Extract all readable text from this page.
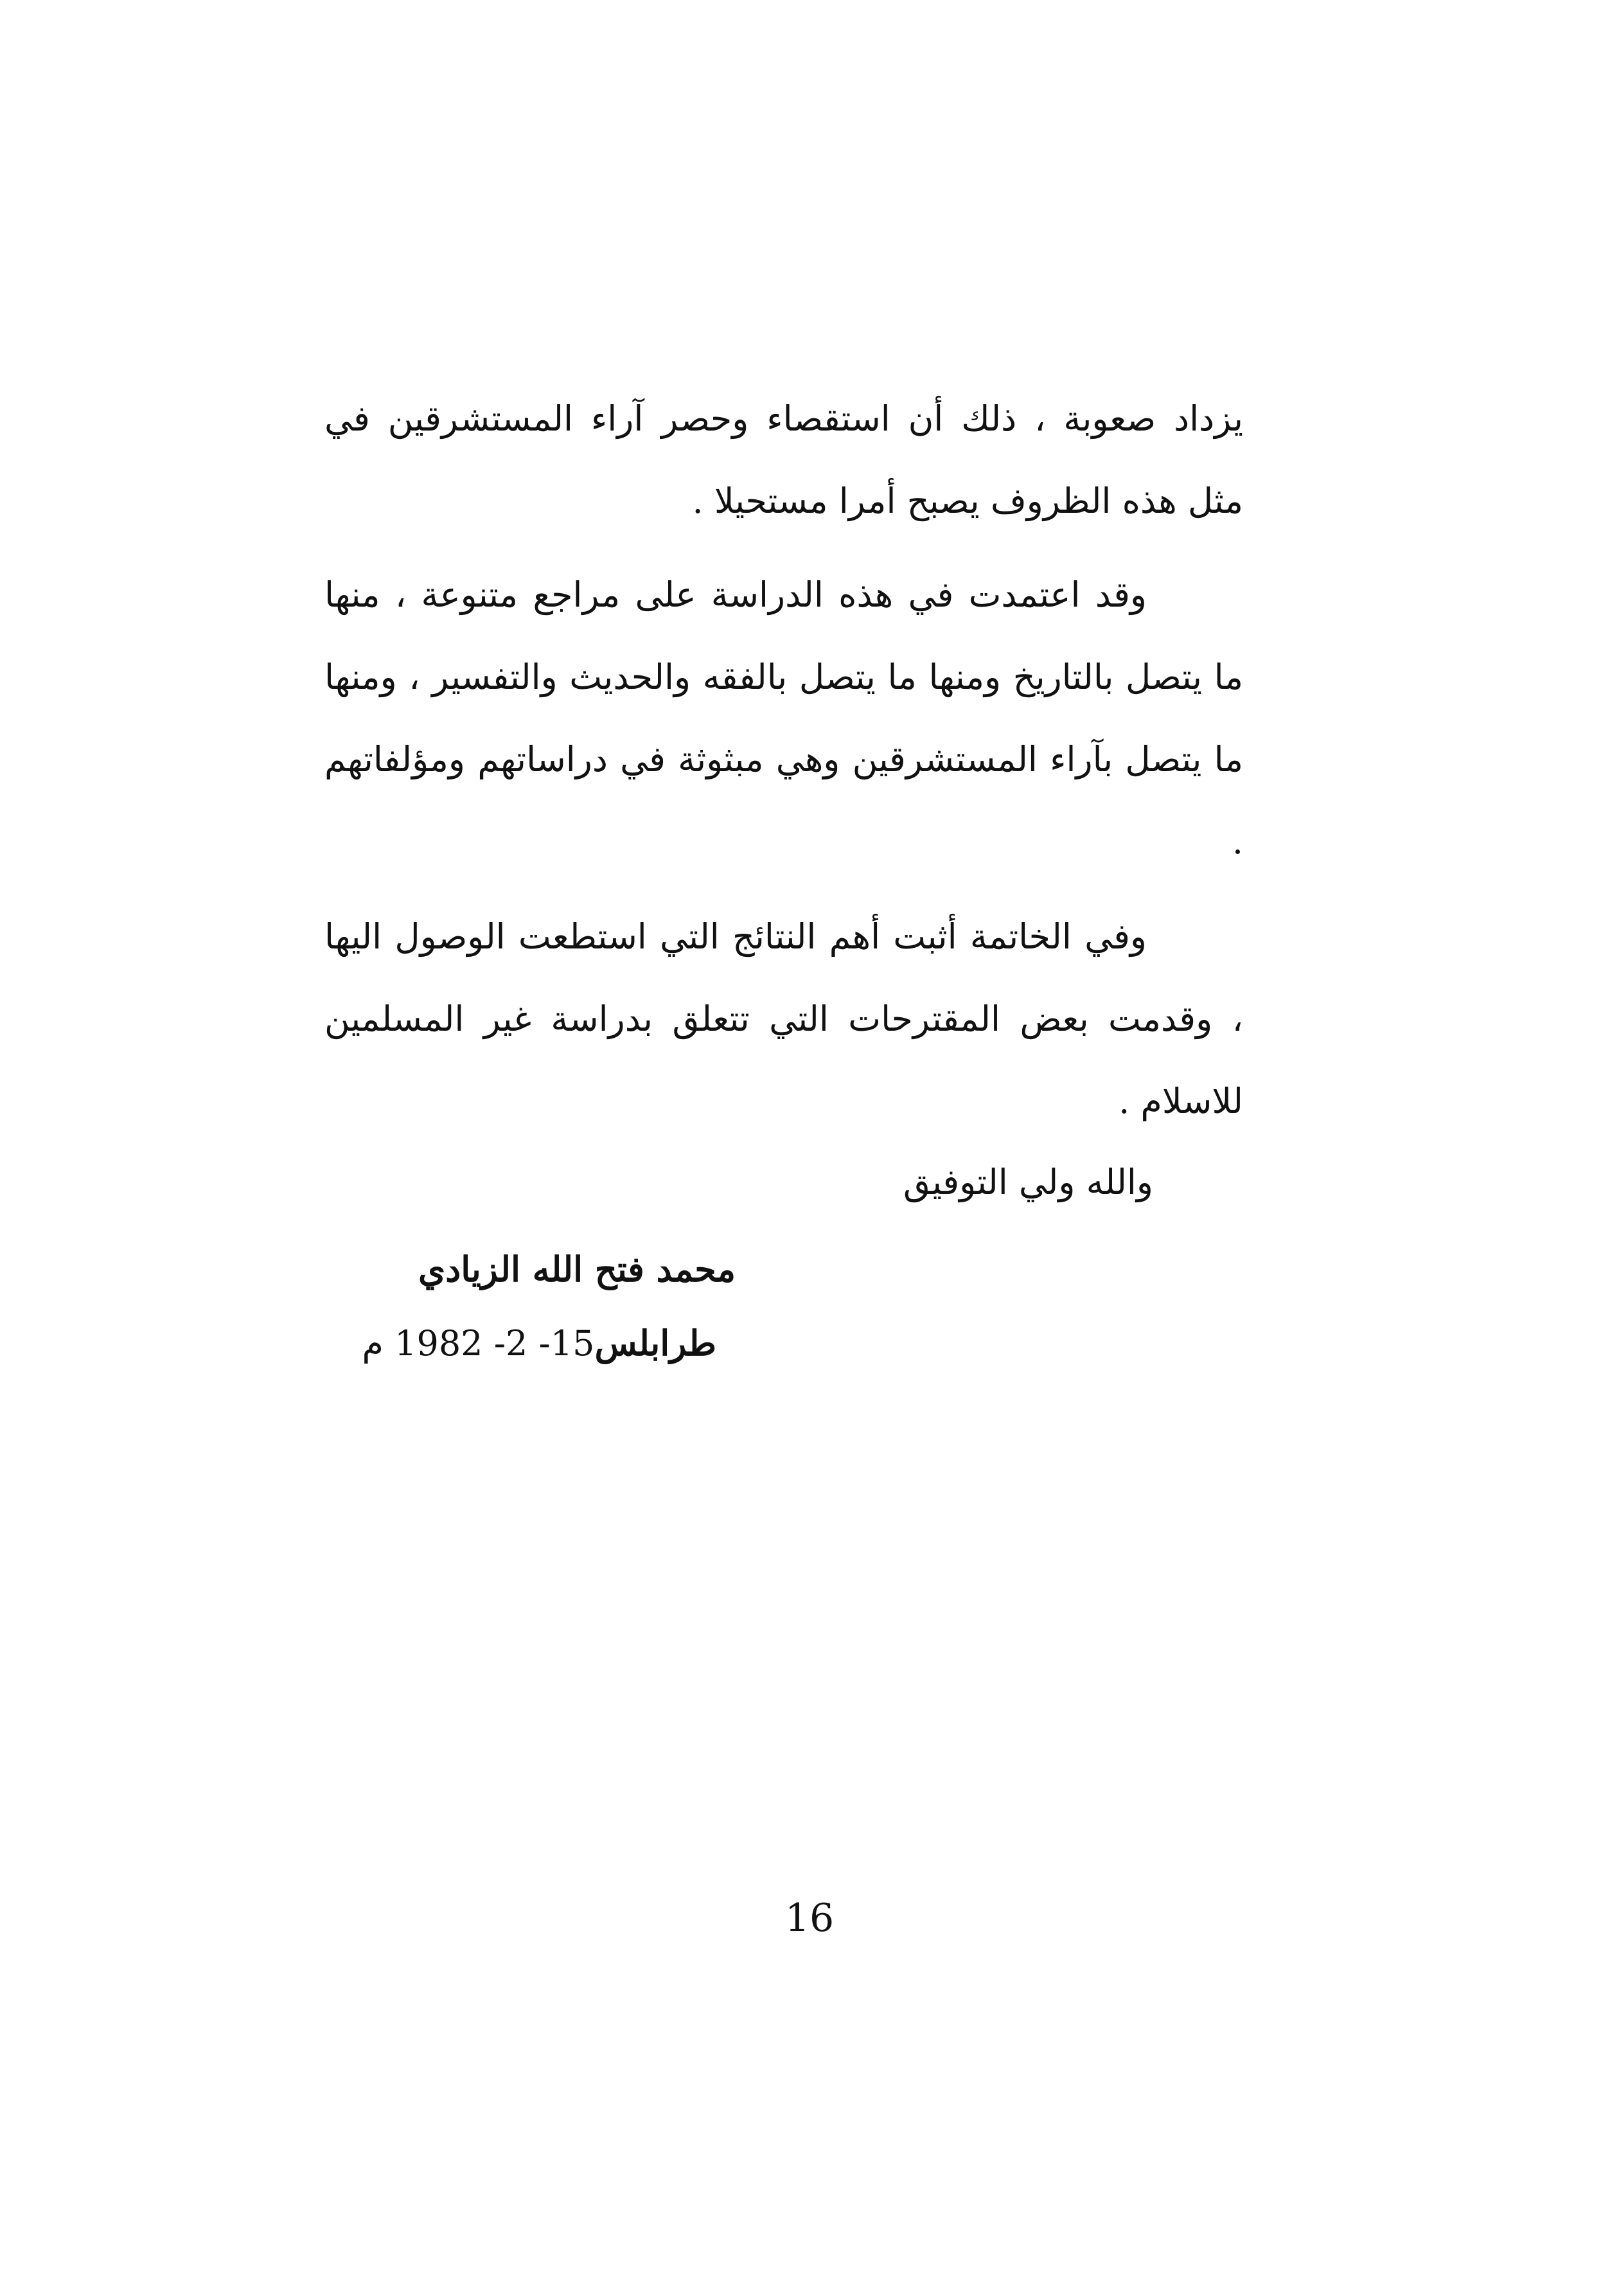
يزداد صعوبة ، ذلك أن استقصاء وحصر آراء المستشرقين في مثل هذه الظروف يصبح أمرا مستحيلا .

وقد اعتمدت في هذه الدراسة على مراجع متنوعة ، منها ما يتصل بالتاريخ ومنها ما يتصل بالفقه والحديث والتفسير ، ومنها ما يتصل بآراء المستشرقين وهي مبثوثة في دراساتهم ومؤلفاتهم .

وفي الخاتمة أثبت أهم النتائج التي استطعت الوصول اليها ، وقدمت بعض المقترحات التي تتعلق بدراسة غير المسلمين للاسلام .

والله ولي التوفيق
محمد فتح الله الزيادي
طرابلس15- 2- 1982 م
16
